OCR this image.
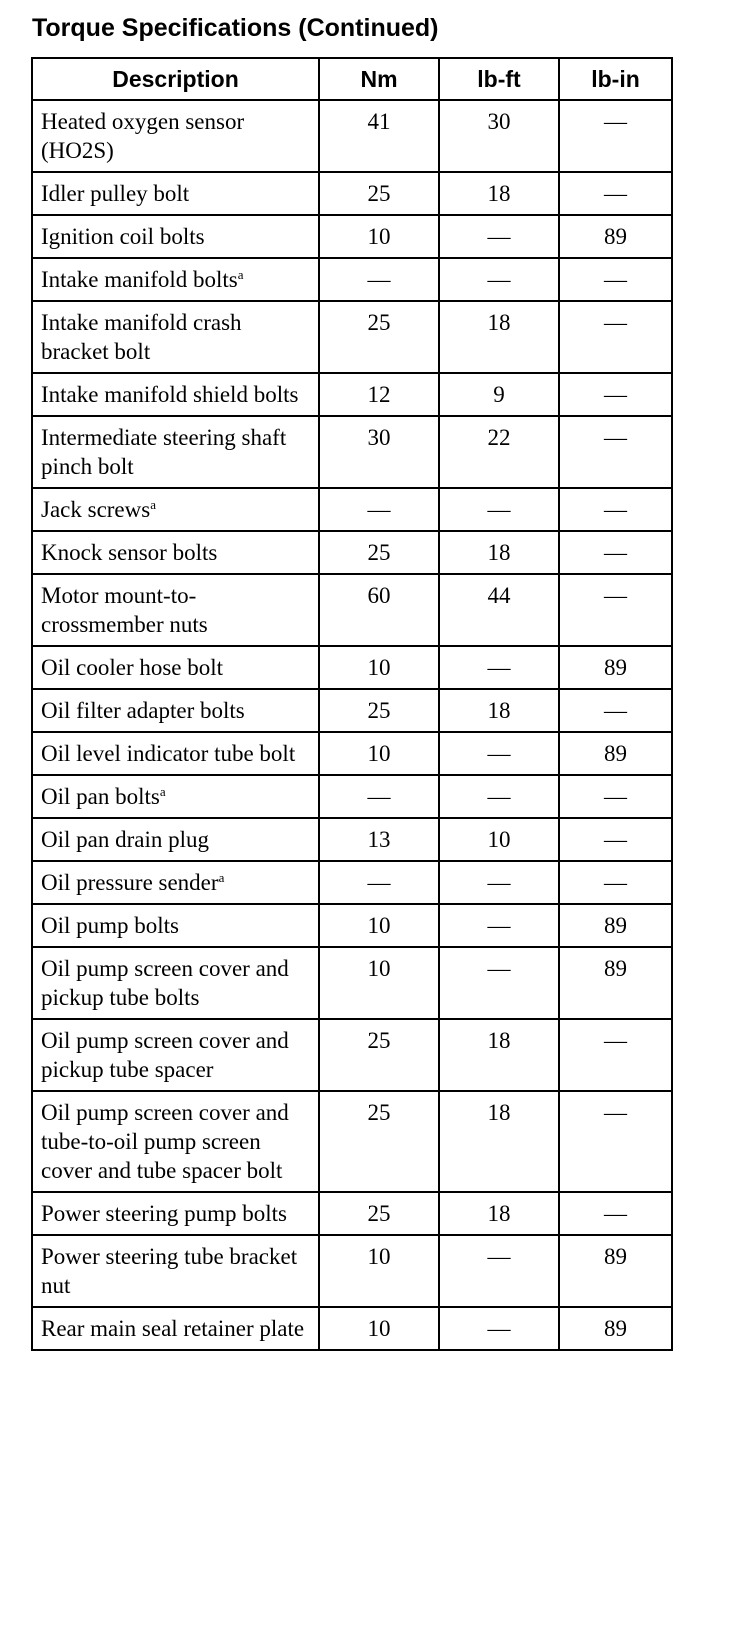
Torque Specifications (Continued)
Description	Nm	lb-ft	lb-in
Heated oxygen sensor (HO2S)	41	30	—
Idler pulley bolt	25	18	—
Ignition coil bolts	10	—	89
Intake manifold bolts$^a$	—	—	—
Intake manifold crash bracket bolt	25	18	—
Intake manifold shield bolts	12	9	—
Intermediate steering shaft pinch bolt	30	22	—
Jack screws$^a$	—	—	—
Knock sensor bolts	25	18	—
Motor mount-to-crossmember nuts	60	44	—
Oil cooler hose bolt	10	—	89
Oil filter adapter bolts	25	18	—
Oil level indicator tube bolt	10	—	89
Oil pan bolts$^a$	—	—	—
Oil pan drain plug	13	10	—
Oil pressure sender$^a$	—	—	—
Oil pump bolts	10	—	89
Oil pump screen cover and pickup tube bolts	10	—	89
Oil pump screen cover and pickup tube spacer	25	18	—
Oil pump screen cover and tube-to-oil pump screen cover and tube spacer bolt	25	18	—
Power steering pump bolts	25	18	—
Power steering tube bracket nut	10	—	89
Rear main seal retainer plate	10	—	89
